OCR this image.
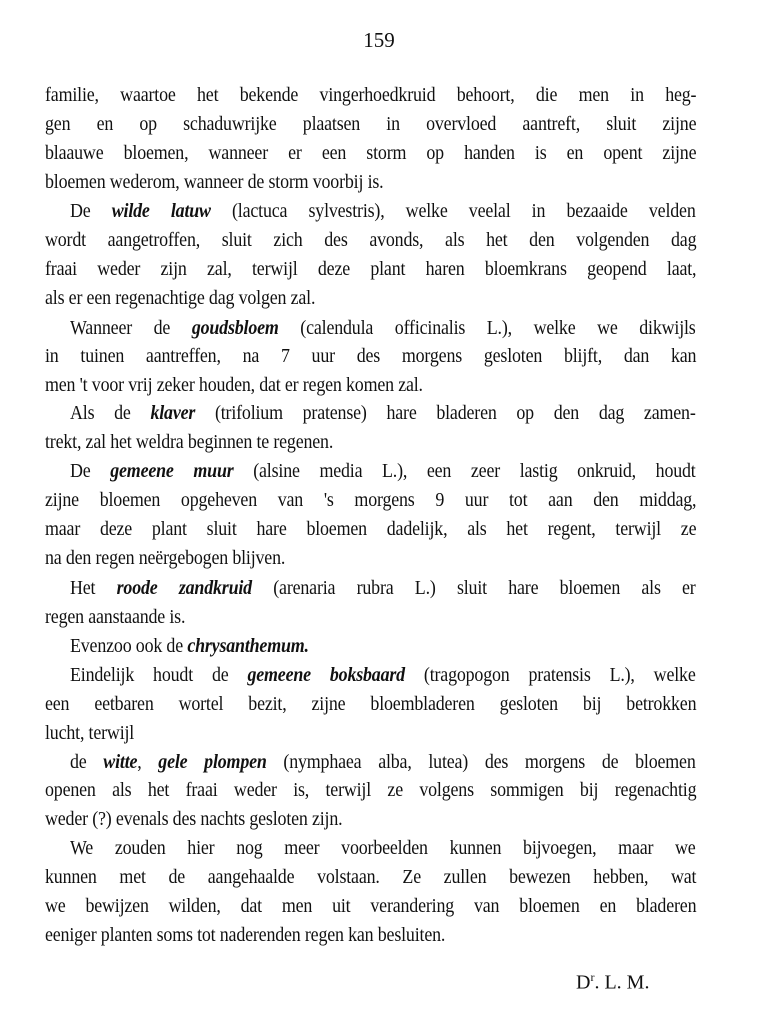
159
familie, waartoe het bekende vingerhoedkruid behoort, die men in heg-
gen en op schaduwrijke plaatsen in overvloed aantreft, sluit zijne
blaauwe bloemen, wanneer er een storm op handen is en opent zijne
bloemen wederom, wanneer de storm voorbij is.
De wilde latuw (lactuca sylvestris), welke veelal in bezaaide velden
wordt aangetroffen, sluit zich des avonds, als het den volgenden dag
fraai weder zijn zal, terwijl deze plant haren bloemkrans geopend laat,
als er een regenachtige dag volgen zal.
Wanneer de goudsbloem (calendula officinalis L.), welke we dikwijls
in tuinen aantreffen, na 7 uur des morgens gesloten blijft, dan kan
men 't voor vrij zeker houden, dat er regen komen zal.
Als de klaver (trifolium pratense) hare bladeren op den dag zamen-
trekt, zal het weldra beginnen te regenen.
De gemeene muur (alsine media L.), een zeer lastig onkruid, houdt
zijne bloemen opgeheven van 's morgens 9 uur tot aan den middag,
maar deze plant sluit hare bloemen dadelijk, als het regent, terwijl ze
na den regen neërgebogen blijven.
Het roode zandkruid (arenaria rubra L.) sluit hare bloemen als er
regen aanstaande is.
Evenzoo ook de chrysanthemum.
Eindelijk houdt de gemeene boksbaard (tragopogon pratensis L.), welke
een eetbaren wortel bezit, zijne bloembladeren gesloten bij betrokken
lucht, terwijl
de witte, gele plompen (nymphaea alba, lutea) des morgens de bloemen
openen als het fraai weder is, terwijl ze volgens sommigen bij regenachtig
weder (?) evenals des nachts gesloten zijn.
We zouden hier nog meer voorbeelden kunnen bijvoegen, maar we
kunnen met de aangehaalde volstaan. Ze zullen bewezen hebben, wat
we bewijzen wilden, dat men uit verandering van bloemen en bladeren
eeniger planten soms tot naderenden regen kan besluiten.
$D^r$. L. M.
